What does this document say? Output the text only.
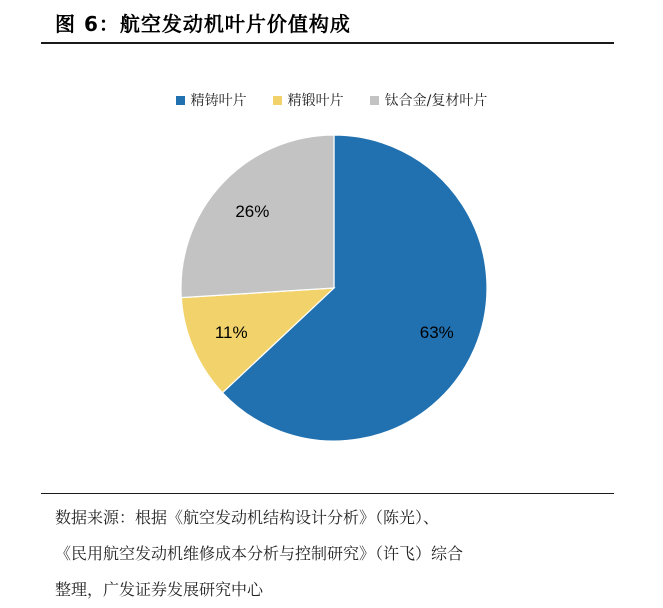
图 6：航空发动机叶片价值构成
精铸叶片	精锻叶片	钛合金/复材叶片
63%
11%
26%
数据来源：根据《航空发动机结构设计分析》（陈光）、
《民用航空发动机维修成本分析与控制研究》（许飞）综合
整理，广发证券发展研究中心
